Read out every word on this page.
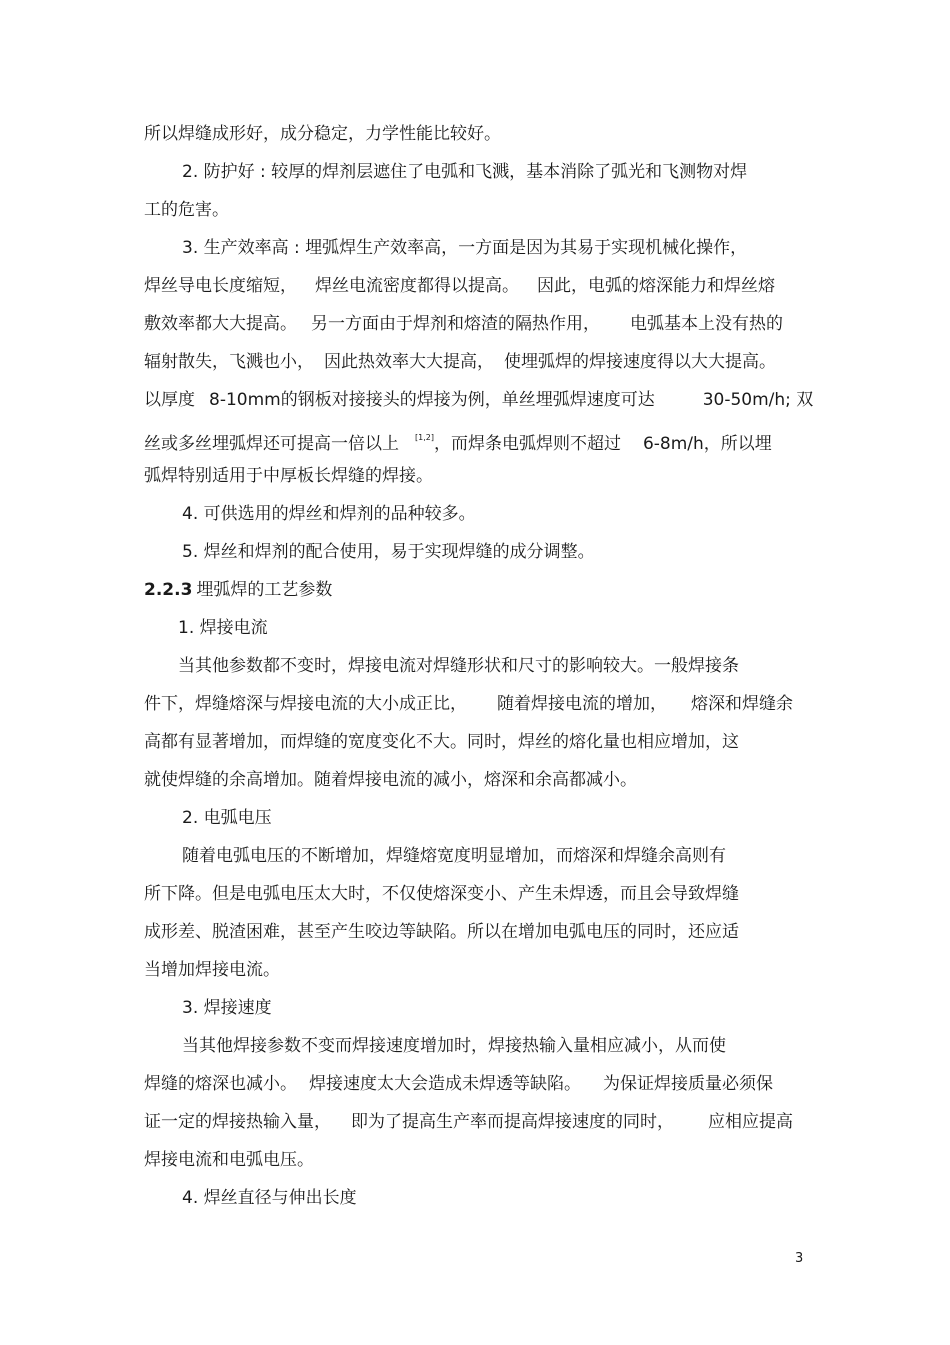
所以焊缝成形好，成分稳定，力学性能比较好。
2. 防护好 : 较厚的焊剂层遮住了电弧和飞溅，基本消除了弧光和飞测物对焊
工的危害。
3. 生产效率高 : 埋弧焊生产效率高，一方面是因为其易于实现机械化操作，
焊丝导电长度缩短， 焊丝电流密度都得以提高。 因此，电弧的熔深能力和焊丝熔
敷效率都大大提高。 另一方面由于焊剂和熔渣的隔热作用， 电弧基本上没有热的
辐射散失，飞溅也小， 因此热效率大大提高， 使埋弧焊的焊接速度得以大大提高。
以厚度 8-10mm的钢板对接接头的焊接为例，单丝埋弧焊速度可达	30-50m/h; 双
丝或多丝埋弧焊还可提高一倍以上 [1,2]，而焊条电弧焊则不超过 6-8m/h，所以埋
弧焊特别适用于中厚板长焊缝的焊接。
4. 可供选用的焊丝和焊剂的品种较多。
5. 焊丝和焊剂的配合使用，易于实现焊缝的成分调整。
2.2.3 埋弧焊的工艺参数
1. 焊接电流
当其他参数都不变时，焊接电流对焊缝形状和尺寸的影响较大。一般焊接条
件下，焊缝熔深与焊接电流的大小成正比， 随着焊接电流的增加， 熔深和焊缝余
高都有显著增加，而焊缝的宽度变化不大。同时，焊丝的熔化量也相应增加，这
就使焊缝的余高增加。随着焊接电流的减小，熔深和余高都减小。
2. 电弧电压
随着电弧电压的不断增加，焊缝熔宽度明显增加，而熔深和焊缝余高则有
所下降。但是电弧电压太大时，不仅使熔深变小、产生未焊透，而且会导致焊缝
成形差、脱渣困难，甚至产生咬边等缺陷。所以在增加电弧电压的同时，还应适
当增加焊接电流。
3. 焊接速度
当其他焊接参数不变而焊接速度增加时，焊接热输入量相应减小，从而使
焊缝的熔深也减小。 焊接速度太大会造成未焊透等缺陷。 为保证焊接质量必须保
证一定的焊接热输入量， 即为了提高生产率而提高焊接速度的同时， 应相应提高
焊接电流和电弧电压。
4. 焊丝直径与伸出长度
3
